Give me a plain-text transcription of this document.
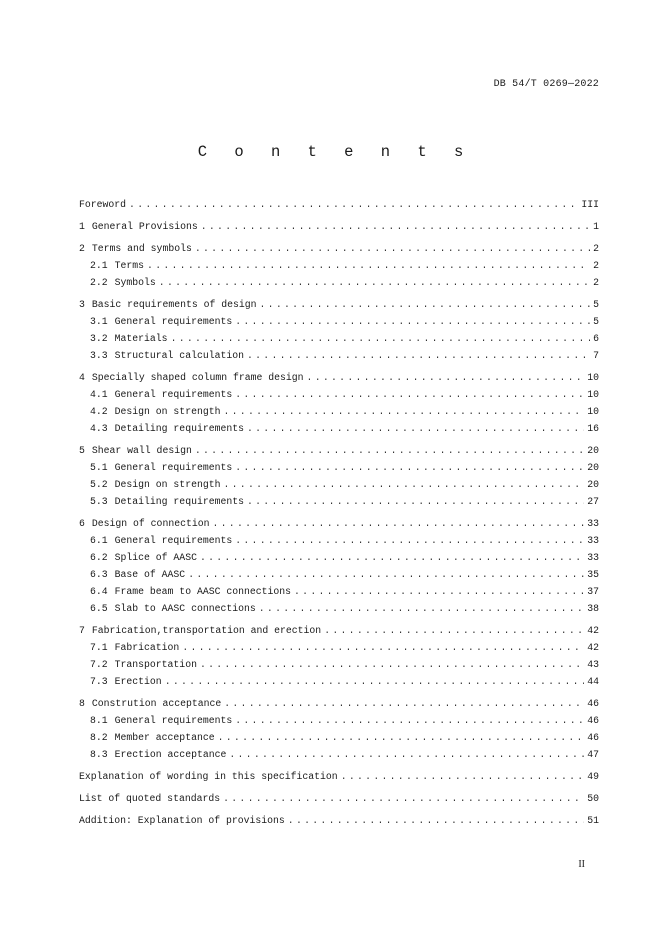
DB 54/T 0269—2022
C o n t e n t s
Foreword . . .	III
1 General Provisions . . .	1
2 Terms and symbols . . .	2
2.1 Terms . . .	2
2.2 Symbols . . .	2
3 Basic requirements of design . . .	5
3.1 General requirements . . .	5
3.2 Materials . . .	6
3.3 Structural calculation . . .	7
4 Specially shaped column frame design . . .	10
4.1 General requirements . . .	10
4.2 Design on strength . . .	10
4.3 Detailing requirements . . .	16
5 Shear wall design . . .	20
5.1 General requirements . . .	20
5.2 Design on strength . . .	20
5.3 Detailing requirements . . .	27
6 Design of connection . . .	33
6.1 General requirements . . .	33
6.2 Splice of AASC . . .	33
6.3 Base of AASC . . .	35
6.4 Frame beam to AASC connections . . .	37
6.5 Slab to AASC connections . . .	38
7 Fabrication,transportation and erection . . .	42
7.1 Fabrication . . .	42
7.2 Transportation . . .	43
7.3 Erection . . .	44
8 Constrution acceptance . . .	46
8.1 General requirements . . .	46
8.2 Member acceptance . . .	46
8.3 Erection acceptance . . .	47
Explanation of wording in this specification . . .	49
List of quoted standards . . .	50
Addition: Explanation of provisions . . .	51
II
